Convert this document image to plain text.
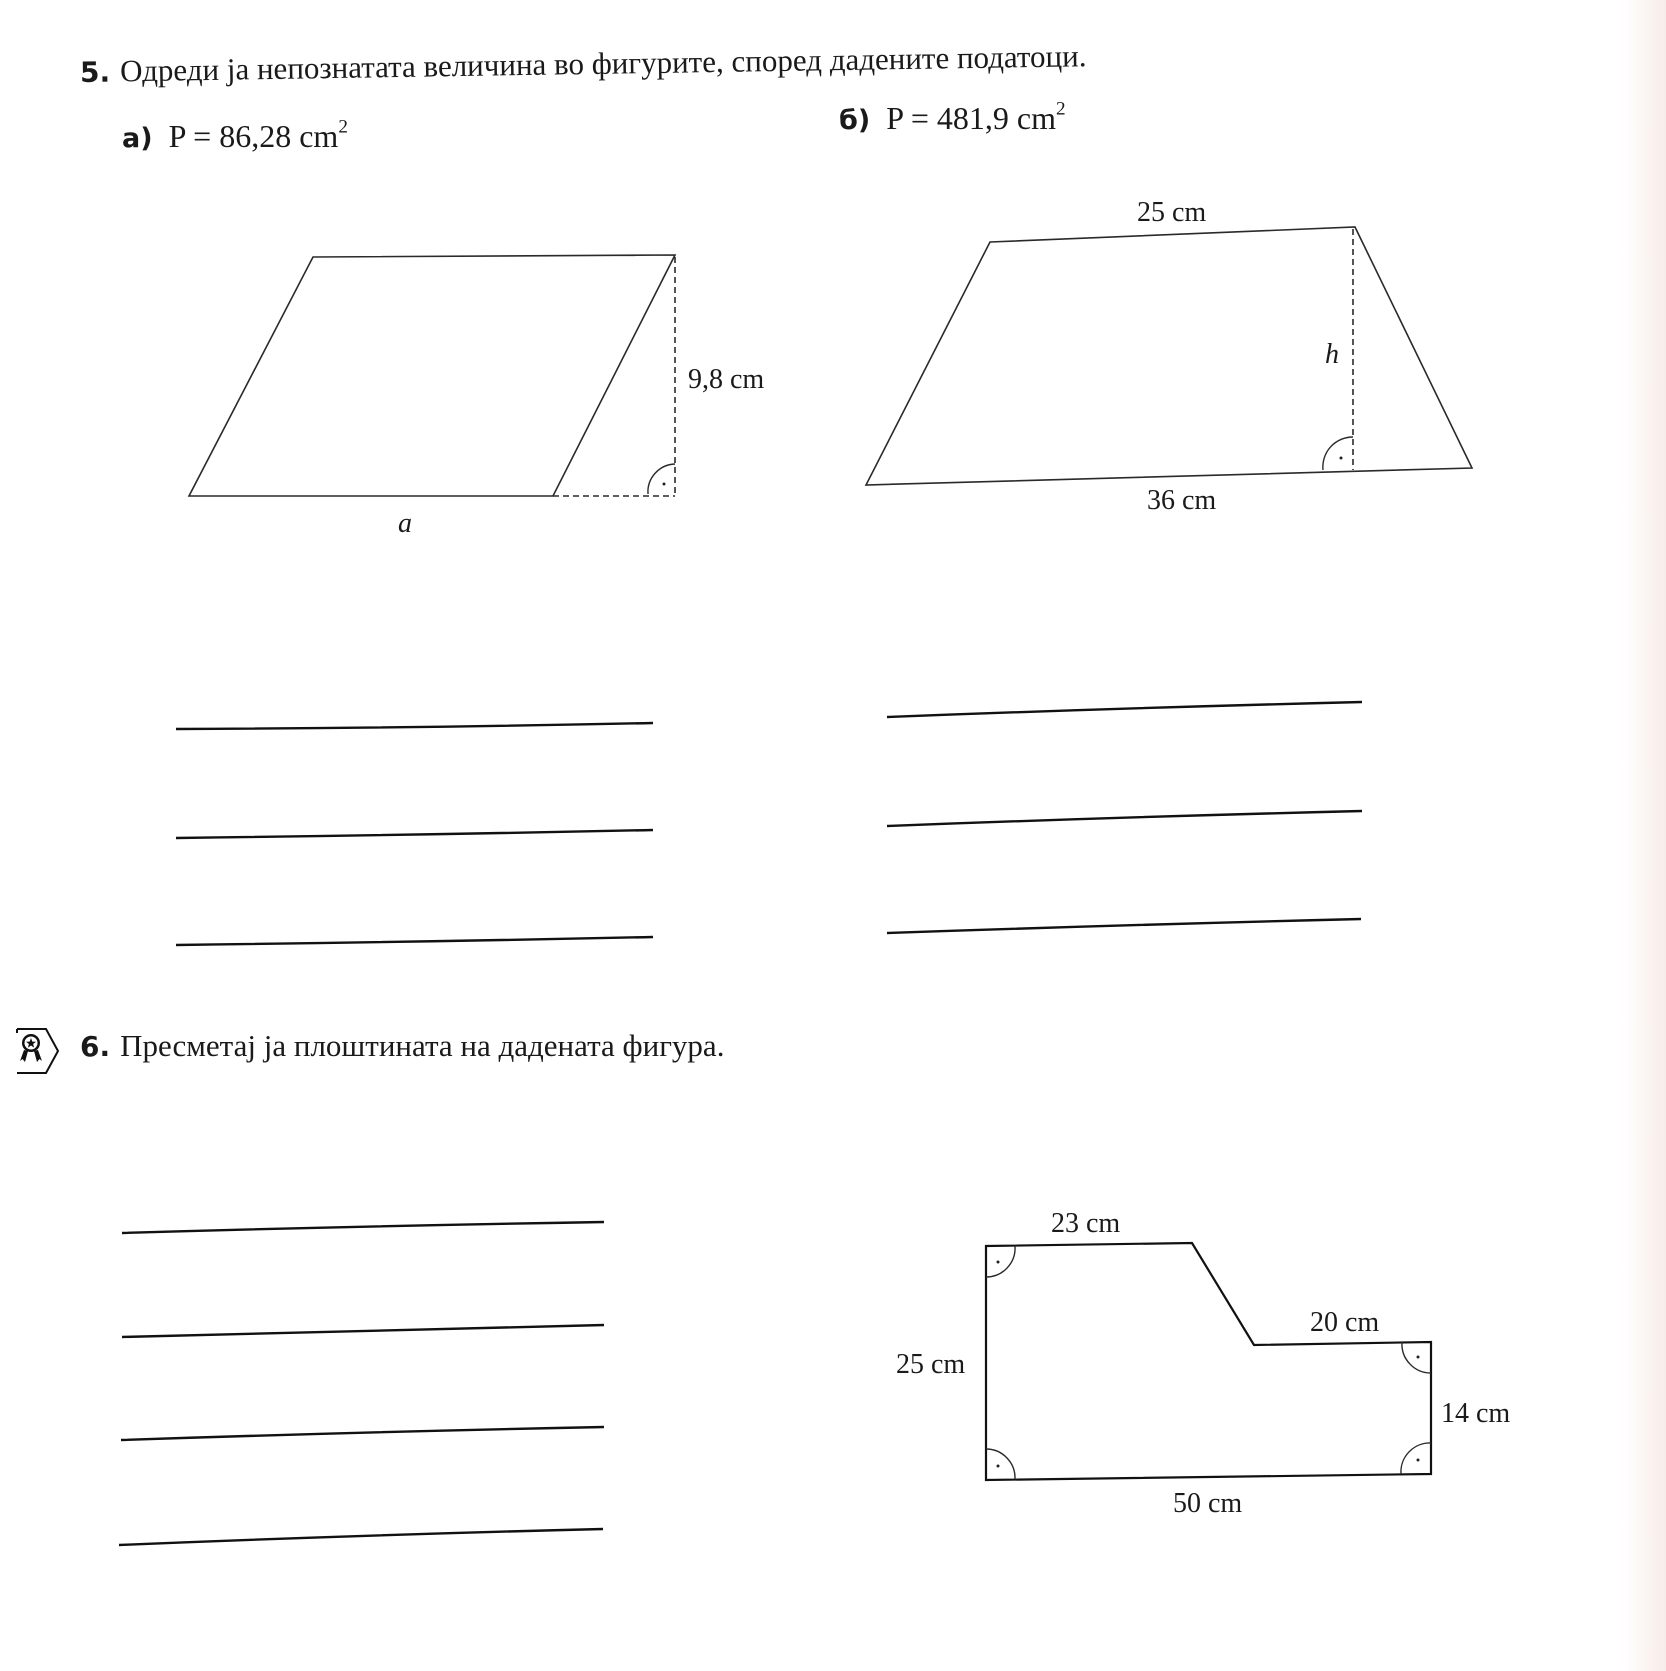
5. Одреди ја непознатата величина во фигурите, според дадените податоци.
а) P = 86,28 $cm^2$	б) P = 481,9 $cm^2$
9,8 cm
a
25 cm
h
36 cm
23 cm
20 cm
25 cm
14 cm
50 cm
6. Пресметај ја плоштината на дадената фигура.
